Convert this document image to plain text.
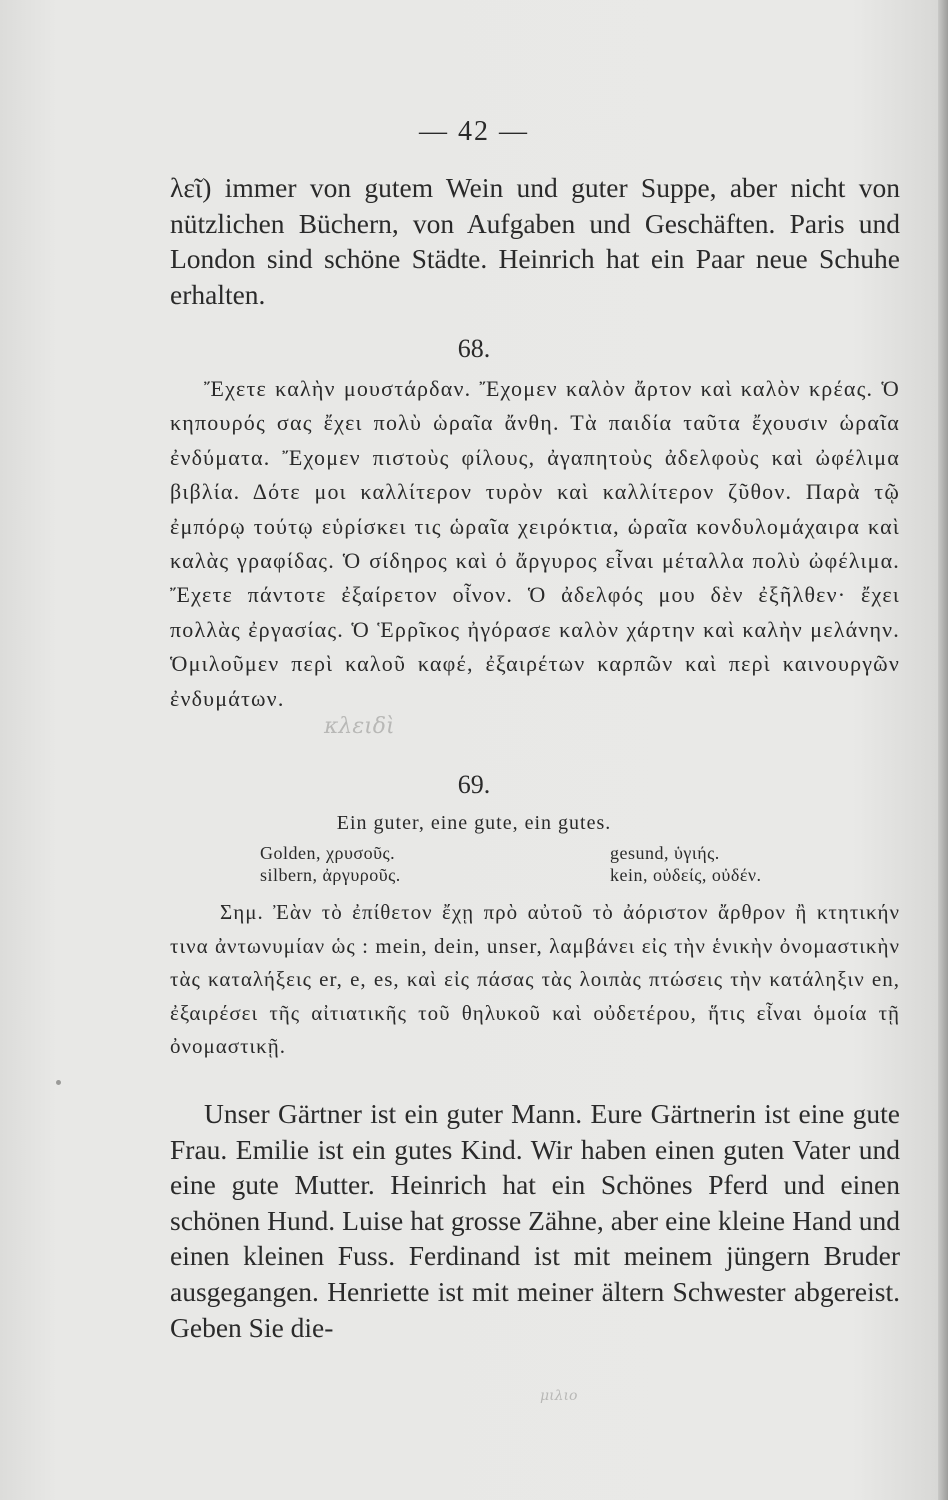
— 42 —

λεῖ) immer von gutem Wein und guter Suppe, aber nicht von nützlichen Büchern, von Aufgaben und Geschäften. Paris und London sind schöne Städte. Heinrich hat ein Paar neue Schuhe erhalten.

68.

Ἔχετε καλὴν μουστάρδαν. Ἔχομεν καλὸν ἄρτον καὶ καλὸν κρέας. Ὁ κηπουρός σας ἔχει πολὺ ὡραῖα ἄνθη. Τὰ παιδία ταῦτα ἔχουσιν ὡραῖα ἐνδύματα. Ἔχομεν πιστοὺς φίλους, ἀγαπητοὺς ἀδελφοὺς καὶ ὠφέλιμα βιβλία. Δότε μοι καλλίτερον τυρὸν καὶ καλλίτερον ζῦθον. Παρὰ τῷ ἐμπόρῳ τούτῳ εὑρίσκει τις ὡραῖα χειρόκτια, ὡραῖα κονδυλομάχαιρα καὶ καλὰς γραφίδας. Ὁ σίδηρος καὶ ὁ ἄργυρος εἶναι μέταλλα πολὺ ὠφέλιμα. Ἔχετε πάντοτε ἐξαίρετον οἶνον. Ὁ ἀδελφός μου δὲν ἐξῆλθεν· ἔχει πολλὰς ἐργασίας. Ὁ Ἑρρῖκος ἠγόρασε καλὸν χάρτην καὶ καλὴν μελάνην. Ὁμιλοῦμεν περὶ καλοῦ καφέ, ἐξαιρέτων καρπῶν καὶ περὶ καινουργῶν ἐνδυμάτων.

κλειδὶ

69.

Ein guter, eine gute, ein gutes.

Golden, χρυσοῦς.
silbern, ἀργυροῦς.
gesund, ὑγιής.
kein, οὐδείς, οὐδέν.

Σημ. Ἐὰν τὸ ἐπίθετον ἔχῃ πρὸ αὐτοῦ τὸ ἀόριστον ἄρθρον ἢ κτητικήν τινα ἀντωνυμίαν ὡς : mein, dein, unser, λαμβάνει εἰς τὴν ἑνικὴν ὀνομαστικὴν τὰς καταλήξεις er, e, es, καὶ εἰς πάσας τὰς λοιπὰς πτώσεις τὴν κατάληξιν en, ἐξαιρέσει τῆς αἰτιατικῆς τοῦ θηλυκοῦ καὶ οὐδετέρου, ἥτις εἶναι ὁμοία τῇ ὀνομαστικῇ.

Unser Gärtner ist ein guter Mann. Eure Gärtnerin ist eine gute Frau. Emilie ist ein gutes Kind. Wir haben einen guten Vater und eine gute Mutter. Heinrich hat ein Schönes Pferd und einen schönen Hund. Luise hat grosse Zähne, aber eine kleine Hand und einen kleinen Fuss. Ferdinand ist mit meinem jüngern Bruder ausgegangen. Henriette ist mit meiner ältern Schwester abgereist. Geben Sie die-

μιλιο
